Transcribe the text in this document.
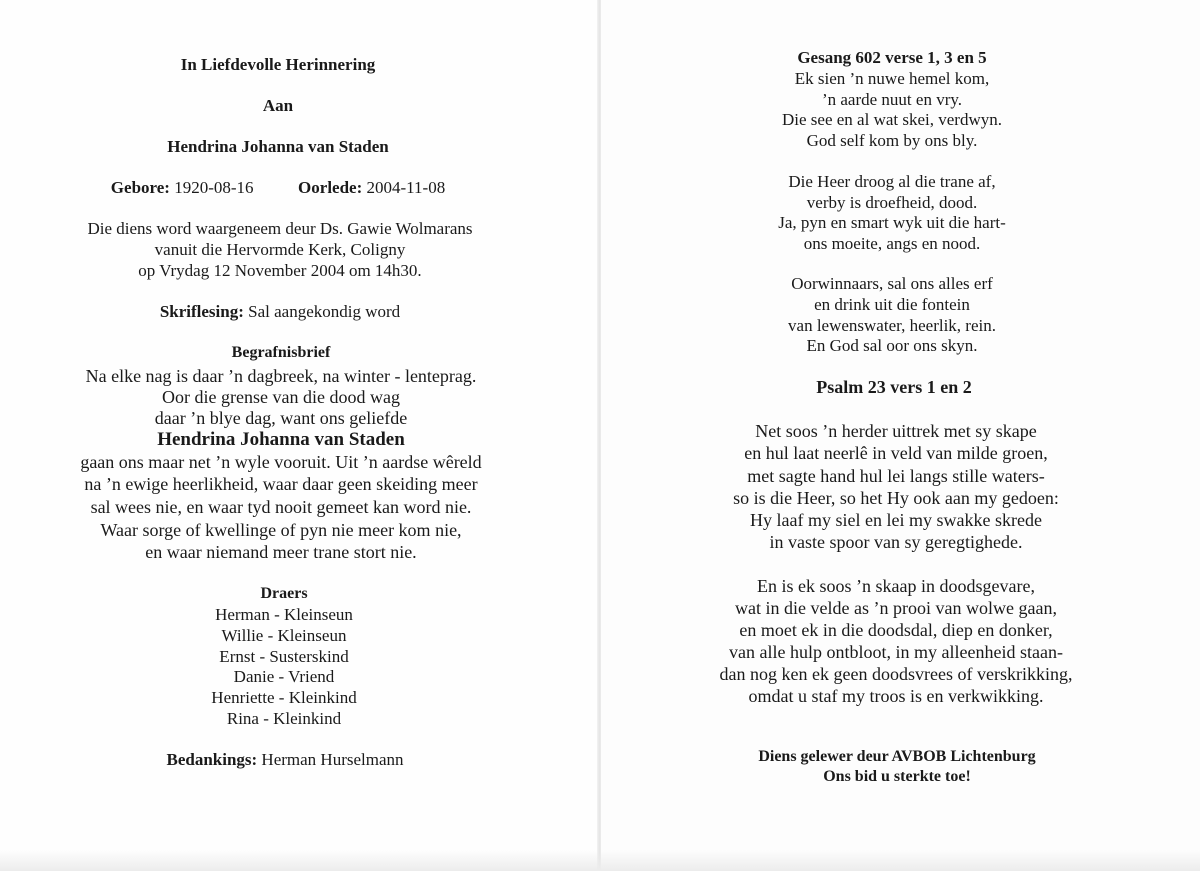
In Liefdevolle Herinnering
Aan
Hendrina Johanna van Staden
Gebore: 1920-08-16	Oorlede: 2004-11-08
Die diens word waargeneem deur Ds. Gawie Wolmarans
vanuit die Hervormde Kerk, Coligny
op Vrydag 12 November 2004 om 14h30.
Skriflesing: Sal aangekondig word
Begrafnisbrief
Na elke nag is daar ’n dagbreek, na winter - lenteprag.
Oor die grense van die dood wag
daar ’n blye dag, want ons geliefde
Hendrina Johanna van Staden
gaan ons maar net ’n wyle vooruit. Uit ’n aardse wêreld
na ’n ewige heerlikheid, waar daar geen skeiding meer
sal wees nie, en waar tyd nooit gemeet kan word nie.
Waar sorge of kwellinge of pyn nie meer kom nie,
en waar niemand meer trane stort nie.
Draers
Herman - Kleinseun
Willie - Kleinseun
Ernst - Susterskind
Danie - Vriend
Henriette - Kleinkind
Rina - Kleinkind
Bedankings: Herman Hurselmann
Gesang 602 verse 1, 3 en 5
Ek sien ’n nuwe hemel kom,
’n aarde nuut en vry.
Die see en al wat skei, verdwyn.
God self kom by ons bly.
Die Heer droog al die trane af,
verby is droefheid, dood.
Ja, pyn en smart wyk uit die hart-
ons moeite, angs en nood.
Oorwinnaars, sal ons alles erf
en drink uit die fontein
van lewenswater, heerlik, rein.
En God sal oor ons skyn.
Psalm 23 vers 1 en 2
Net soos ’n herder uittrek met sy skape
en hul laat neerlê in veld van milde groen,
met sagte hand hul lei langs stille waters-
so is die Heer, so het Hy ook aan my gedoen:
Hy laaf my siel en lei my swakke skrede
in vaste spoor van sy geregtighede.
En is ek soos ’n skaap in doodsgevare,
wat in die velde as ’n prooi van wolwe gaan,
en moet ek in die doodsdal, diep en donker,
van alle hulp ontbloot, in my alleenheid staan-
dan nog ken ek geen doodsvrees of verskrikking,
omdat u staf my troos is en verkwikking.
Diens gelewer deur AVBOB Lichtenburg
Ons bid u sterkte toe!
